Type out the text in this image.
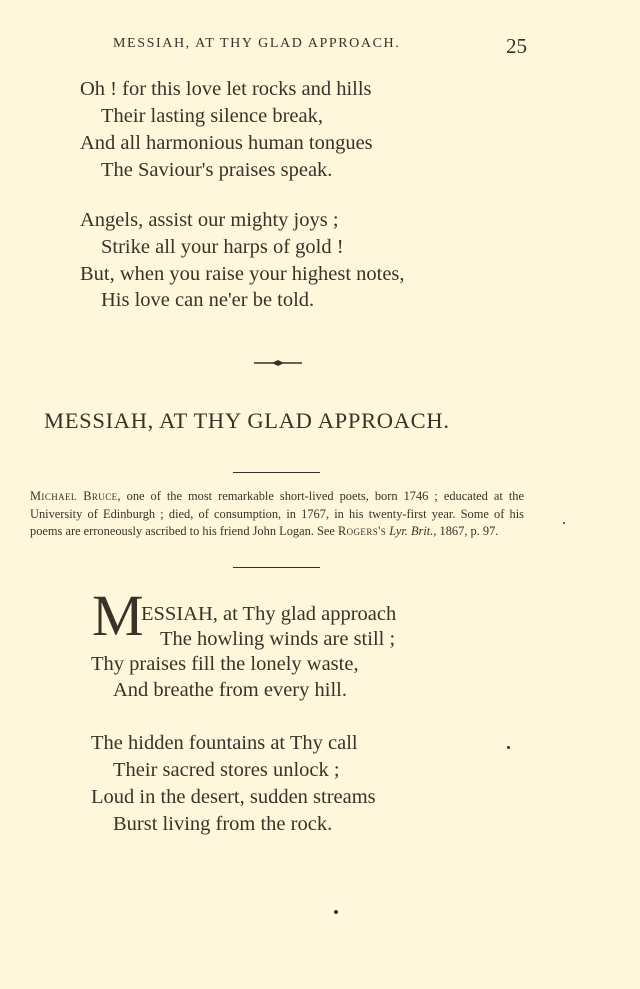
MESSIAH, AT THY GLAD APPROACH.	25
Oh ! for this love let rocks and hills
Their lasting silence break,
And all harmonious human tongues
The Saviour's praises speak.
Angels, assist our mighty joys ;
Strike all your harps of gold !
But, when you raise your highest notes,
His love can ne'er be told.
MESSIAH, AT THY GLAD APPROACH.
Michael Bruce, one of the most remarkable short-lived poets, born 1746 ; educated at the University of Edinburgh ; died, of consumption, in 1767, in his twenty-first year. Some of his poems are erroneously ascribed to his friend John Logan. See Rogers's Lyr. Brit., 1867, p. 97.
M
ESSIAH, at Thy glad approach
The howling winds are still ;
Thy praises fill the lonely waste,
And breathe from every hill.
The hidden fountains at Thy call
Their sacred stores unlock ;
Loud in the desert, sudden streams
Burst living from the rock.
